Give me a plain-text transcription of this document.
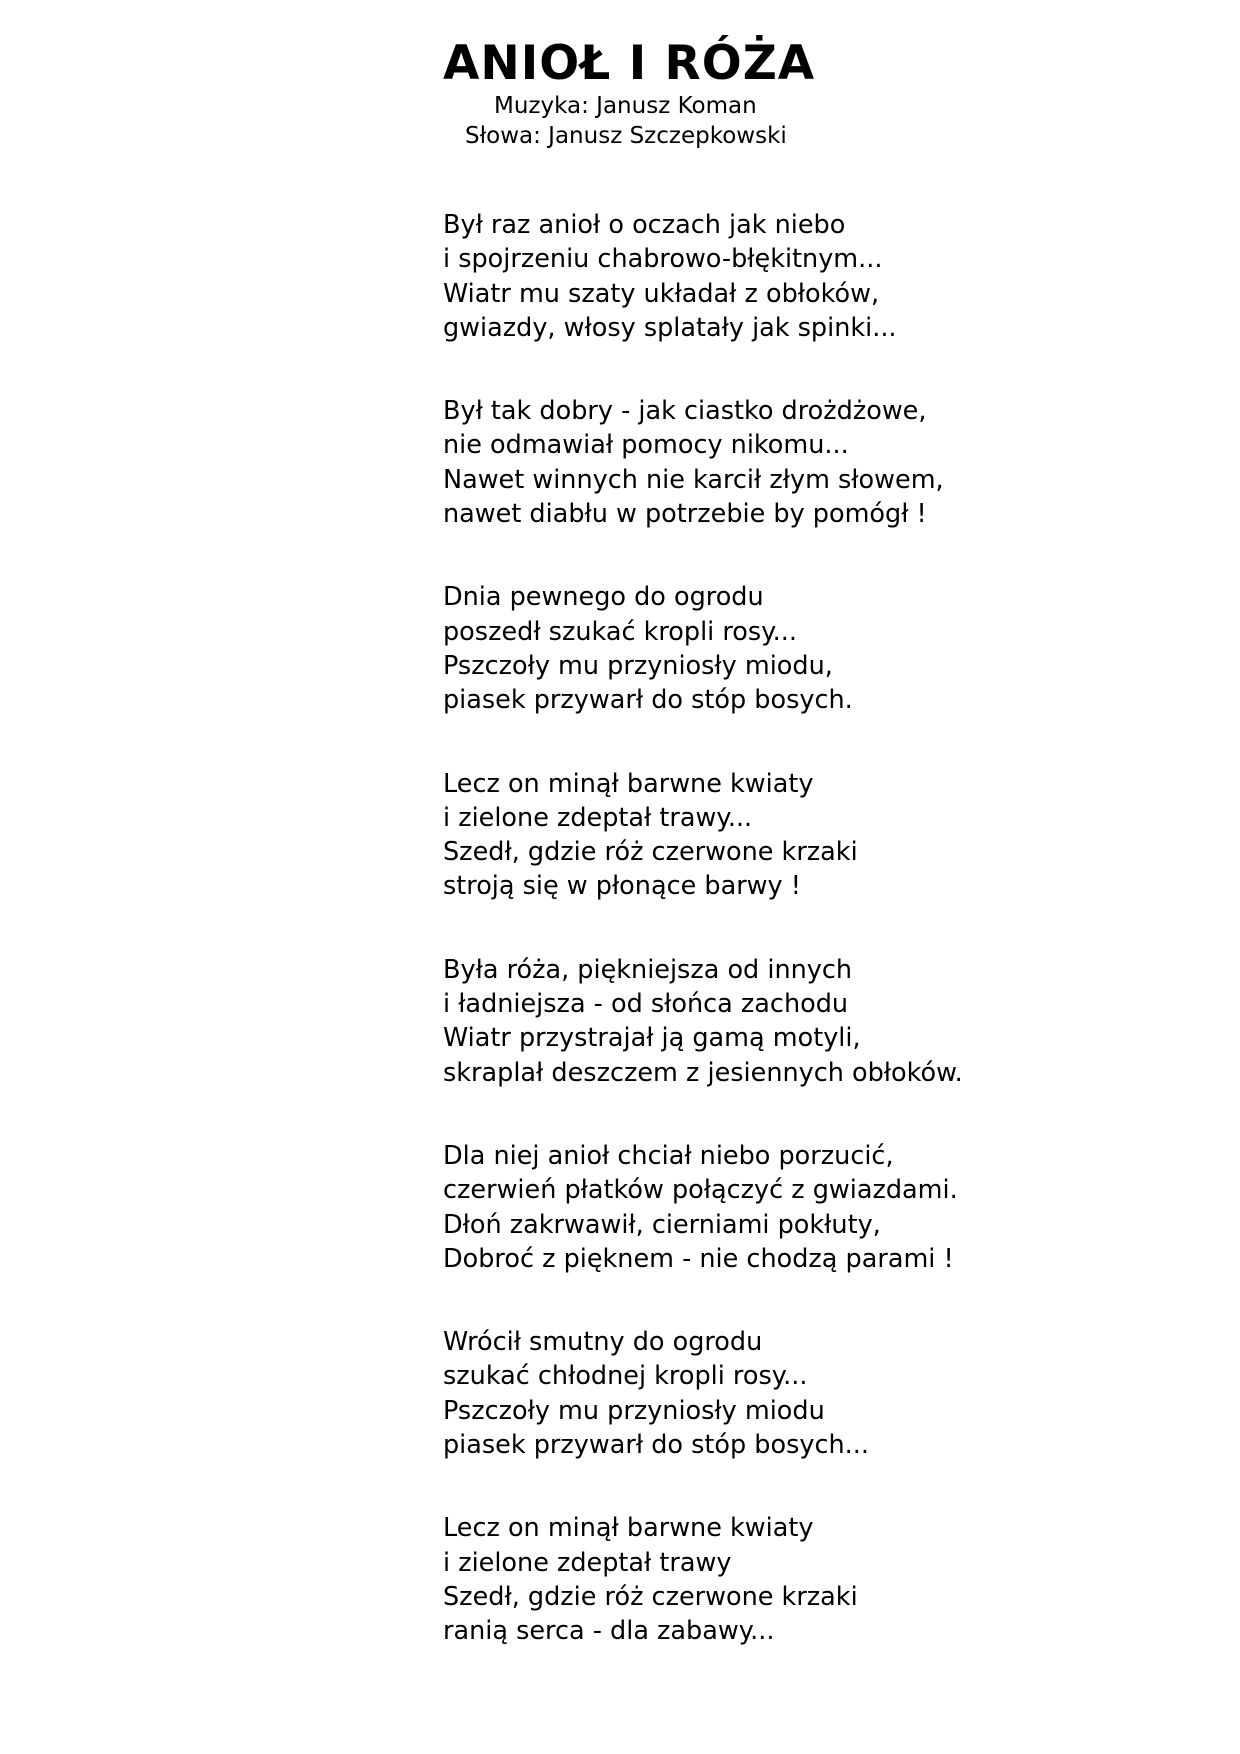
ANIOŁ I RÓŻA
Muzyka: Janusz Koman
Słowa: Janusz Szczepkowski
Był raz anioł o oczach jak niebo
i spojrzeniu chabrowo-błękitnym...
Wiatr mu szaty układał z obłoków,
gwiazdy, włosy splatały jak spinki...
Był tak dobry - jak ciastko drożdżowe,
nie odmawiał pomocy nikomu...
Nawet winnych nie karcił złym słowem,
nawet diabłu w potrzebie by pomógł !
Dnia pewnego do ogrodu
poszedł szukać kropli rosy...
Pszczoły mu przyniosły miodu,
piasek przywarł do stóp bosych.
Lecz on minął barwne kwiaty
i zielone zdeptał trawy...
Szedł, gdzie róż czerwone krzaki
stroją się w płonące barwy !
Była róża, piękniejsza od innych
i ładniejsza - od słońca zachodu
Wiatr przystrajał ją gamą motyli,
skraplał deszczem z jesiennych obłoków.
Dla niej anioł chciał niebo porzucić,
czerwień płatków połączyć z gwiazdami.
Dłoń zakrwawił, cierniami pokłuty,
Dobroć z pięknem - nie chodzą parami !
Wrócił smutny do ogrodu
szukać chłodnej kropli rosy...
Pszczoły mu przyniosły miodu
piasek przywarł do stóp bosych...
Lecz on minął barwne kwiaty
i zielone zdeptał trawy
Szedł, gdzie róż czerwone krzaki
ranią serca - dla zabawy...
